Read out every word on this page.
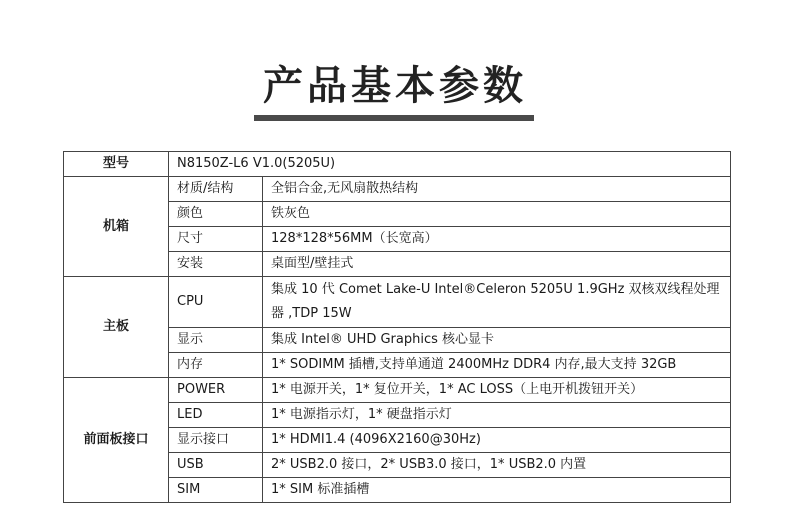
产品基本参数
型号	N8150Z-L6 V1.0(5205U)	
机箱	材质/结构	全铝合金,无风扇散热结构
	颜色	铁灰色
	尺寸	128*128*56MM（长宽高）
	安装	桌面型/壁挂式
主板	CPU	集成 10 代 Comet Lake-U Intel®Celeron 5205U 1.9GHz 双核双线程处理器 ,TDP 15W
	显示	集成 Intel® UHD Graphics 核心显卡
	内存	1* SODIMM 插槽,支持单通道 2400MHz DDR4 内存,最大支持 32GB
前面板接口	POWER	1* 电源开关，1* 复位开关，1* AC LOSS（上电开机拨钮开关）
	LED	1* 电源指示灯，1* 硬盘指示灯
	显示接口	1* HDMI1.4 (4096X2160@30Hz)
	USB	2* USB2.0 接口，2* USB3.0 接口，1* USB2.0 内置
	SIM	1* SIM 标准插槽
